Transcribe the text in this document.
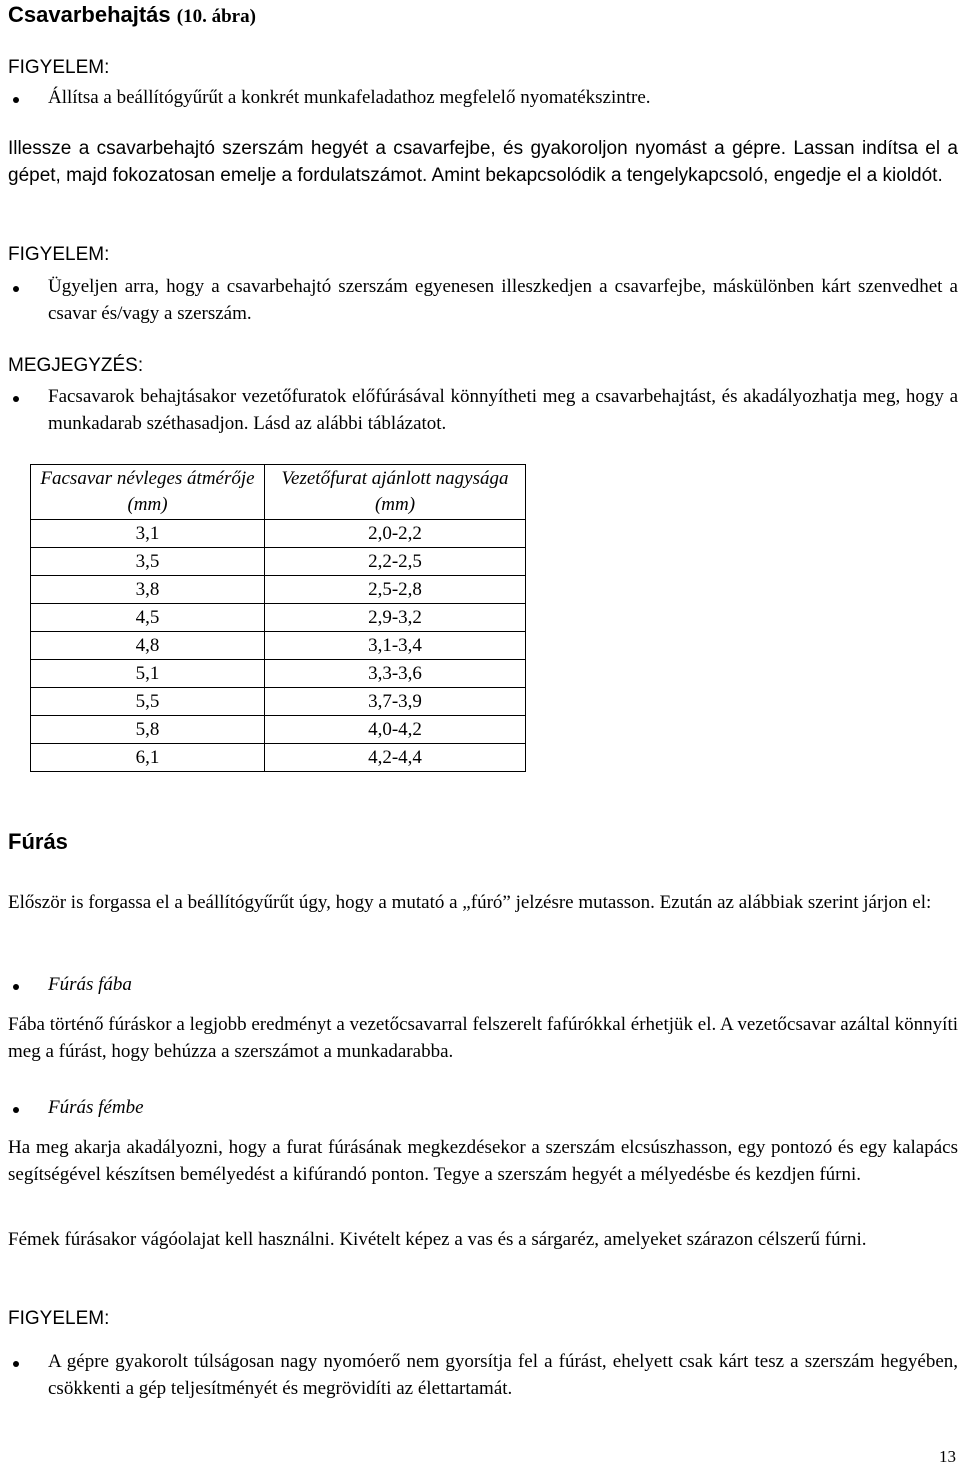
Csavarbehajtás (10. ábra)
FIGYELEM:
Állítsa a beállítógyűrűt a konkrét munkafeladathoz megfelelő nyomatékszintre.
Illessze a csavarbehajtó szerszám hegyét a csavarfejbe, és gyakoroljon nyomást a gépre. Lassan indítsa el a gépet, majd fokozatosan emelje a fordulatszámot. Amint bekapcsolódik a tengelykapcsoló, engedje el a kioldót.
FIGYELEM:
Ügyeljen arra, hogy a csavarbehajtó szerszám egyenesen illeszkedjen a csavarfejbe, máskülönben kárt szenvedhet a csavar és/vagy a szerszám.
MEGJEGYZÉS:
Facsavarok behajtásakor vezetőfuratok előfúrásával könnyítheti meg a csavarbehajtást, és akadályozhatja meg, hogy a munkadarab széthasadjon. Lásd az alábbi táblázatot.
Facsavar névleges átmérője (mm)	Vezetőfurat ajánlott nagysága (mm)
3,1	2,0-2,2
3,5	2,2-2,5
3,8	2,5-2,8
4,5	2,9-3,2
4,8	3,1-3,4
5,1	3,3-3,6
5,5	3,7-3,9
5,8	4,0-4,2
6,1	4,2-4,4
Fúrás
Először is forgassa el a beállítógyűrűt úgy, hogy a mutató a „fúró” jelzésre mutasson. Ezután az alábbiak szerint járjon el:
Fúrás fába
Fába történő fúráskor a legjobb eredményt a vezetőcsavarral felszerelt fafúrókkal érhetjük el. A vezetőcsavar azáltal könnyíti meg a fúrást, hogy behúzza a szerszámot a munkadarabba.
Fúrás fémbe
Ha meg akarja akadályozni, hogy a furat fúrásának megkezdésekor a szerszám elcsúszhasson, egy pontozó és egy kalapács segítségével készítsen bemélyedést a kifúrandó ponton. Tegye a szerszám hegyét a mélyedésbe és kezdjen fúrni.
Fémek fúrásakor vágóolajat kell használni. Kivételt képez a vas és a sárgaréz, amelyeket szárazon célszerű fúrni.
FIGYELEM:
A gépre gyakorolt túlságosan nagy nyomóerő nem gyorsítja fel a fúrást, ehelyett csak kárt tesz a szerszám hegyében, csökkenti a gép teljesítményét és megrövidíti az élettartamát.
13
